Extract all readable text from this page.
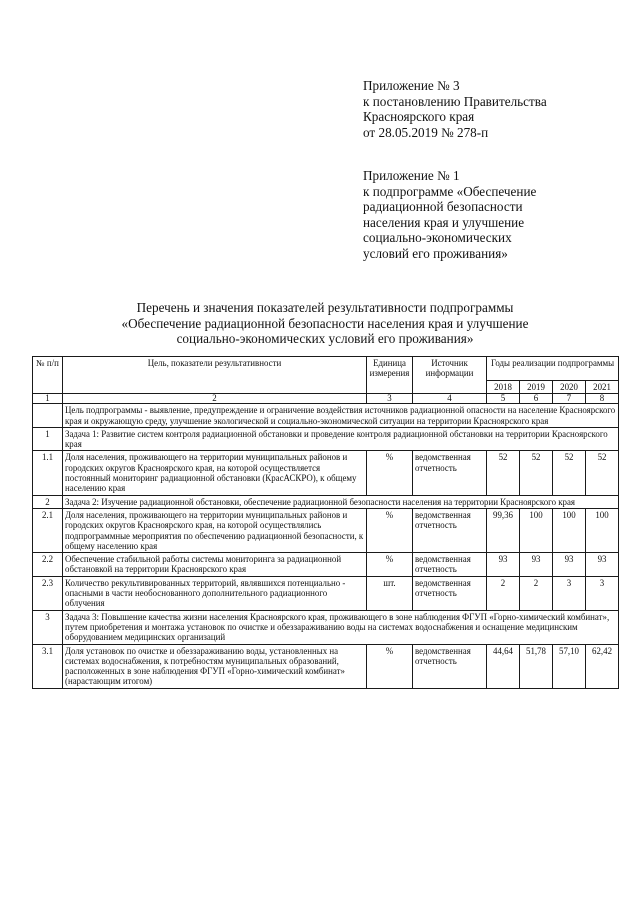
Приложение № 3
к постановлению Правительства
Красноярского края
от 28.05.2019 № 278-п
Приложение № 1
к подпрограмме «Обеспечение
радиационной безопасности
населения края и улучшение
социально-экономических
условий его проживания»
Перечень и значения показателей результативности подпрограммы
«Обеспечение радиационной безопасности населения края и улучшение
социально-экономических условий его проживания»
№ п/п	Цель, показатели результативности	Единица измерения	Источник информации	Годы реализации подпрограммы			
				2018	2019	2020	2021
1	2	3	4	5	6	7	8
	Цель подпрограммы - выявление, предупреждение и ограничение воздействия источников радиационной опасности на население Красноярского края и окружающую среду, улучшение экологической и социально-экономической ситуации на территории Красноярского края						
1	Задача 1: Развитие систем контроля радиационной обстановки и проведение контроля радиационной обстановки на территории Красноярского края						
1.1	Доля населения, проживающего на территории муниципальных районов и городских округов Красноярского края, на которой осуществляется постоянный мониторинг радиационной обстановки (КрасАСКРО), к общему населению края	%	ведомственная отчетность	52	52	52	52
2	Задача 2: Изучение радиационной обстановки, обеспечение радиационной безопасности населения на территории Красноярского края						
2.1	Доля населения, проживающего на территории муниципальных районов и городских округов Красноярского края, на которой осуществлялись подпрограммные мероприятия по обеспечению радиационной безопасности, к общему населению края	%	ведомственная отчетность	99,36	100	100	100
2.2	Обеспечение стабильной работы системы мониторинга за радиационной обстановкой на территории Красноярского края	%	ведомственная отчетность	93	93	93	93
2.3	Количество рекультивированных территорий, являвшихся потенциально - опасными в части необоснованного дополнительного радиационного облучения	шт.	ведомственная отчетность	2	2	3	3
3	Задача 3: Повышение качества жизни населения Красноярского края, проживающего в зоне наблюдения ФГУП «Горно-химический комбинат», путем приобретения и монтажа установок по очистке и обеззараживанию воды на системах водоснабжения и оснащение медицинским оборудованием медицинских организаций						
3.1	Доля установок по очистке и обеззараживанию воды, установленных на системах водоснабжения, к потребностям муниципальных образований, расположенных в зоне наблюдения ФГУП «Горно-химический комбинат» (нарастающим итогом)	%	ведомственная отчетность	44,64	51,78	57,10	62,42
